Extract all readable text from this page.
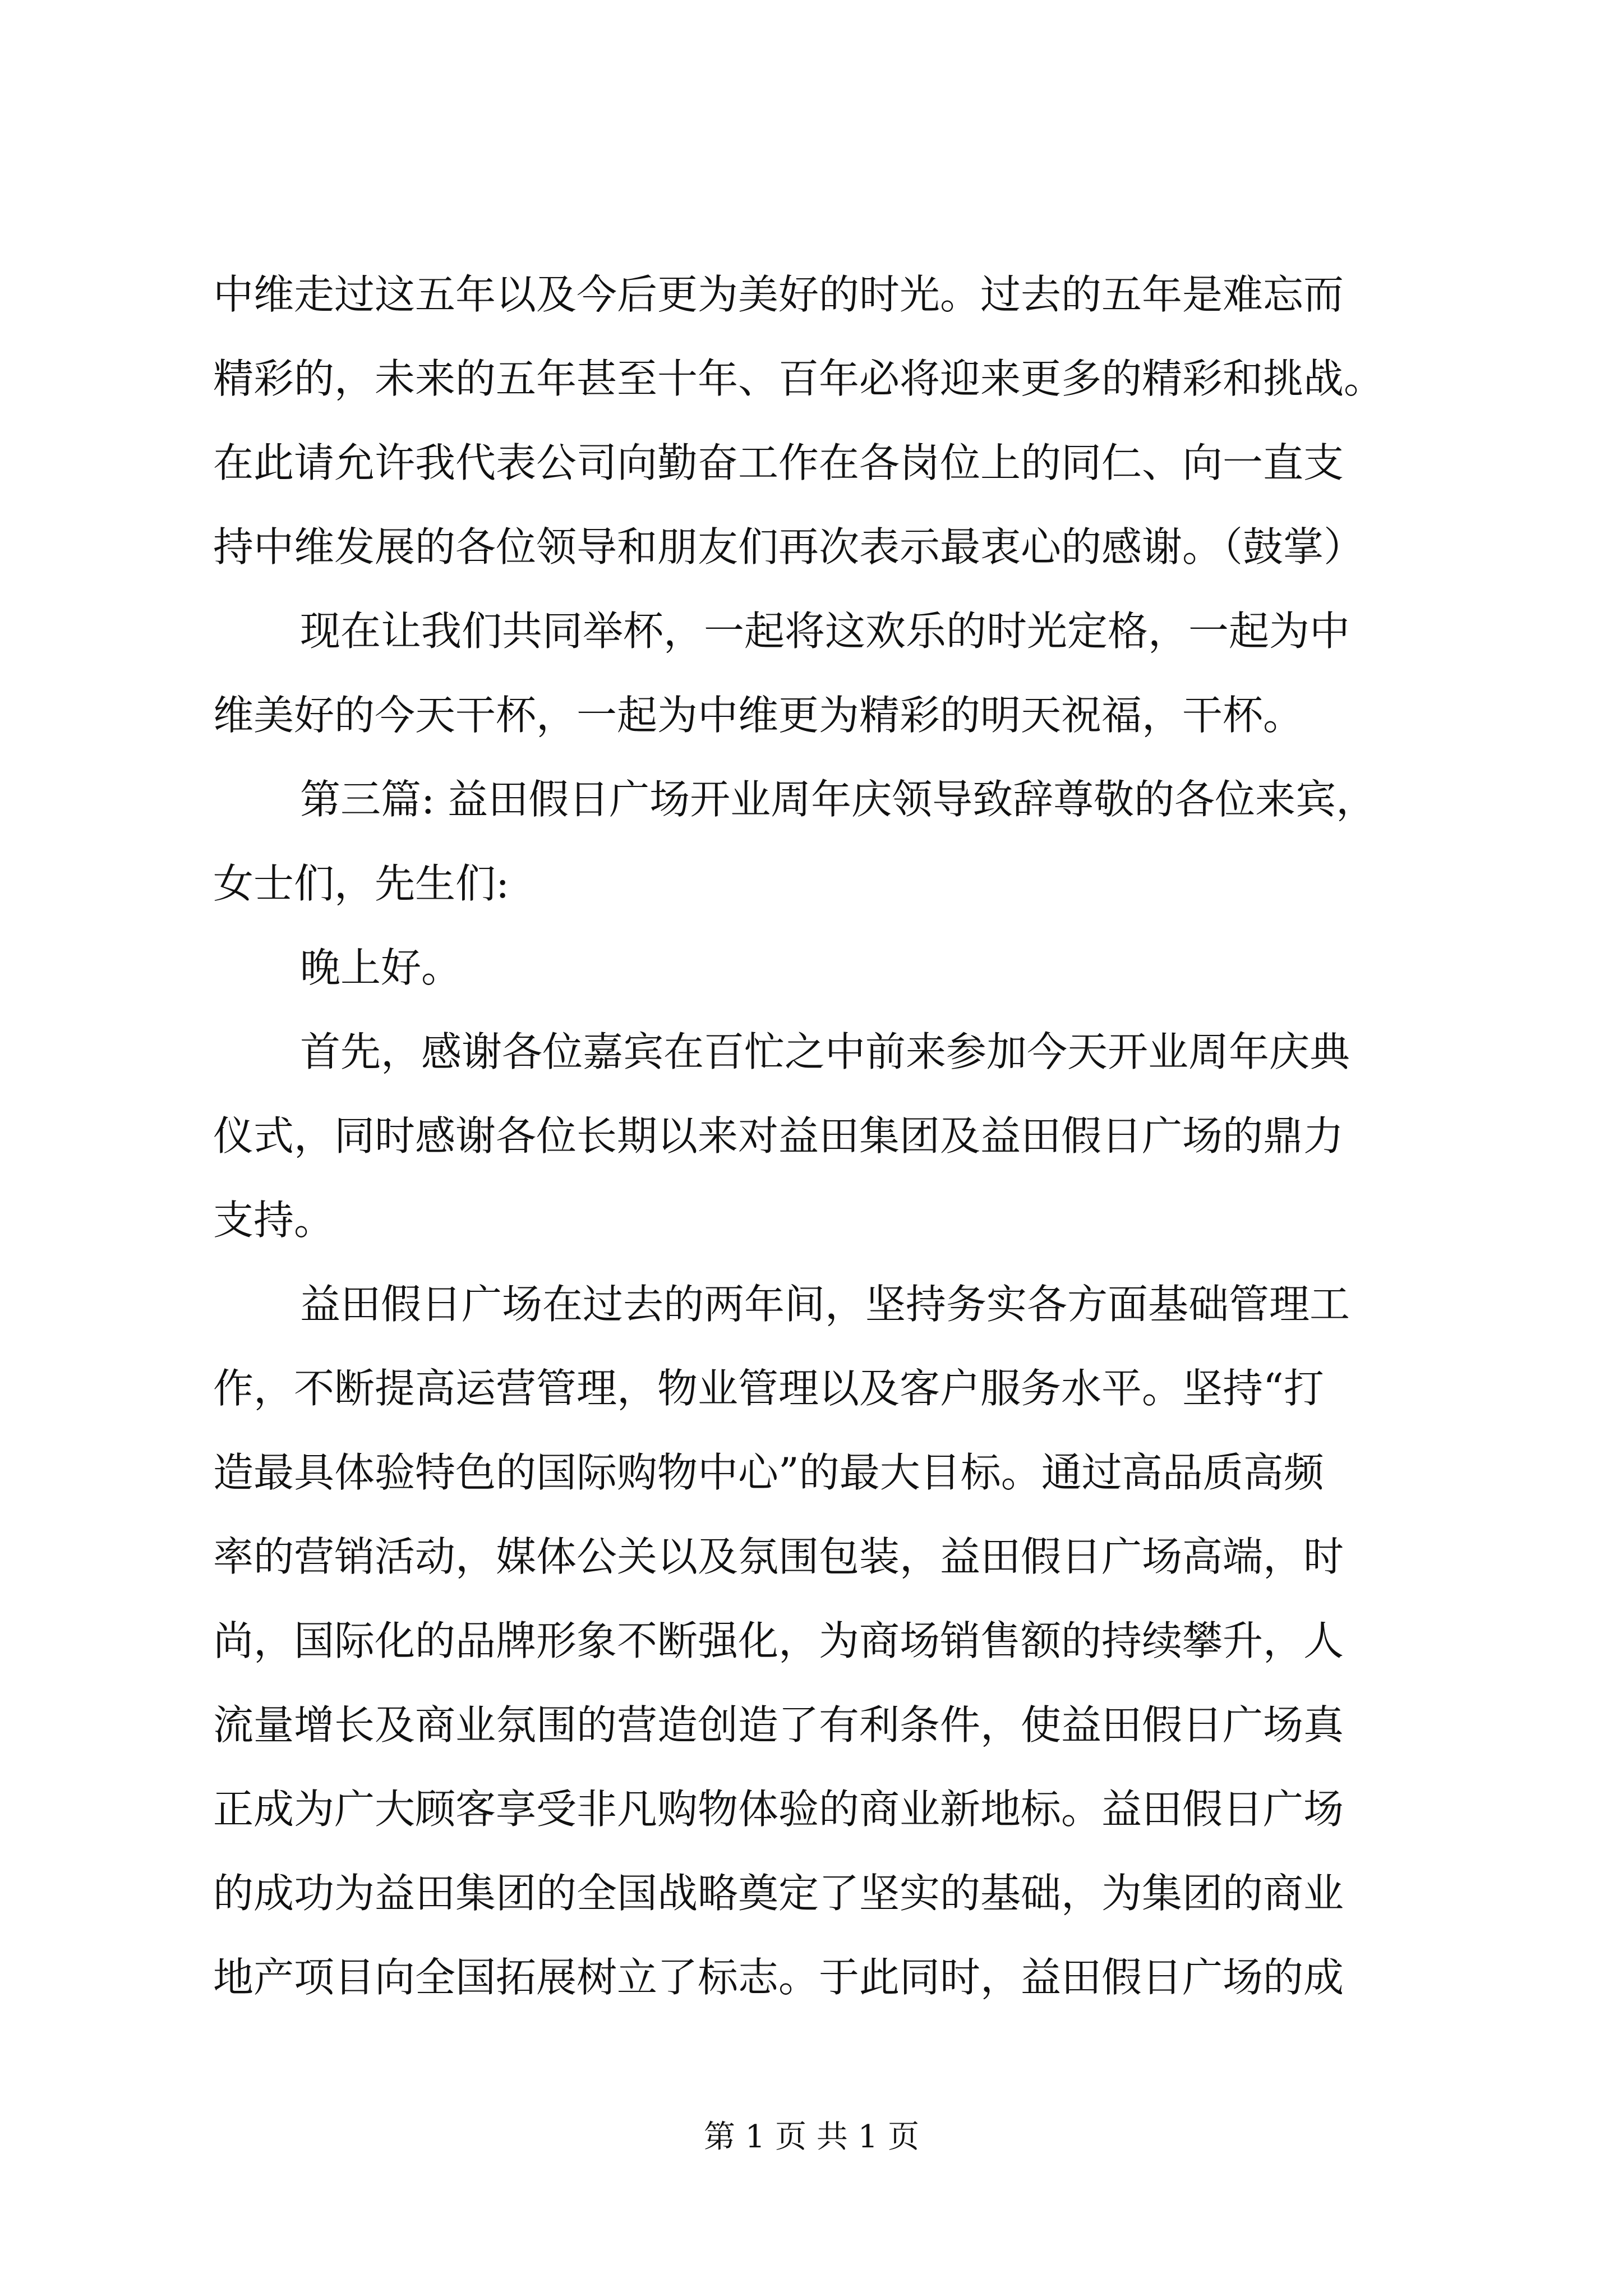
中维走过这五年以及今后更为美好的时光。过去的五年是难忘而
精彩的，未来的五年甚至十年、百年必将迎来更多的精彩和挑战。
在此请允许我代表公司向勤奋工作在各岗位上的同仁、向一直支
持中维发展的各位领导和朋友们再次表示最衷心的感谢。（鼓掌）
现在让我们共同举杯，一起将这欢乐的时光定格，一起为中
维美好的今天干杯，一起为中维更为精彩的明天祝福，干杯。
第三篇: 益田假日广场开业周年庆领导致辞尊敬的各位来宾，
女士们，先生们:
晚上好。
首先，感谢各位嘉宾在百忙之中前来参加今天开业周年庆典
仪式，同时感谢各位长期以来对益田集团及益田假日广场的鼎力
支持。
益田假日广场在过去的两年间，坚持务实各方面基础管理工
作，不断提高运营管理，物业管理以及客户服务水平。坚持“打
造最具体验特色的国际购物中心”的最大目标。通过高品质高频
率的营销活动，媒体公关以及氛围包装，益田假日广场高端，时
尚，国际化的品牌形象不断强化，为商场销售额的持续攀升，人
流量增长及商业氛围的营造创造了有利条件，使益田假日广场真
正成为广大顾客享受非凡购物体验的商业新地标。益田假日广场
的成功为益田集团的全国战略奠定了坚实的基础，为集团的商业
地产项目向全国拓展树立了标志。于此同时，益田假日广场的成
第 1 页 共 1 页
